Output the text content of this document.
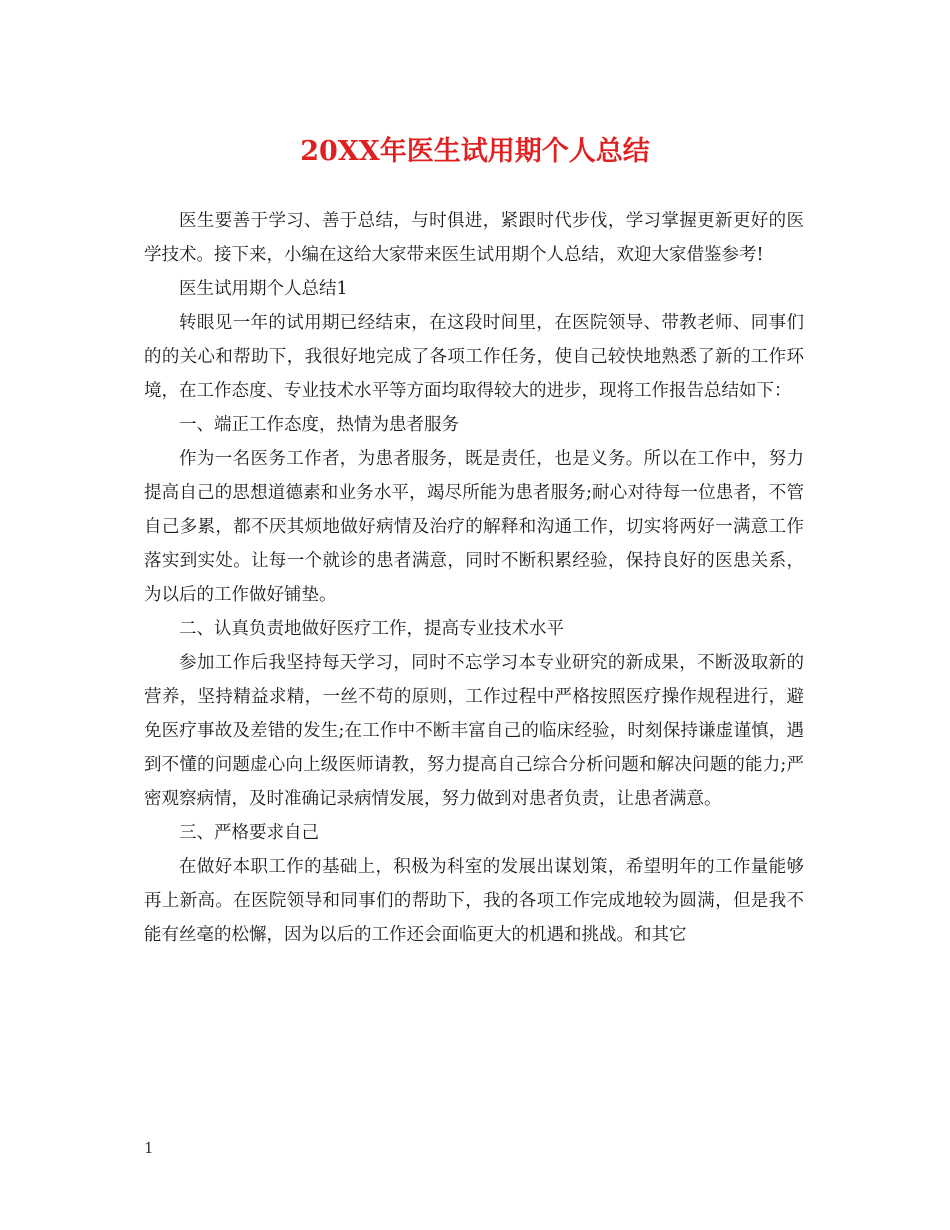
20XX年医生试用期个人总结

医生要善于学习、善于总结，与时俱进，紧跟时代步伐，学习掌握更新更好的医学技术。接下来，小编在这给大家带来医生试用期个人总结，欢迎大家借鉴参考!

医生试用期个人总结1

转眼见一年的试用期已经结束，在这段时间里，在医院领导、带教老师、同事们的的关心和帮助下，我很好地完成了各项工作任务，使自己较快地熟悉了新的工作环境，在工作态度、专业技术水平等方面均取得较大的进步，现将工作报告总结如下：

一、端正工作态度，热情为患者服务

作为一名医务工作者，为患者服务，既是责任，也是义务。所以在工作中，努力提高自己的思想道德素和业务水平，竭尽所能为患者服务;耐心对待每一位患者，不管自己多累，都不厌其烦地做好病情及治疗的解释和沟通工作，切实将两好一满意工作落实到实处。让每一个就诊的患者满意，同时不断积累经验，保持良好的医患关系，为以后的工作做好铺垫。

二、认真负责地做好医疗工作，提高专业技术水平

参加工作后我坚持每天学习，同时不忘学习本专业研究的新成果，不断汲取新的营养，坚持精益求精，一丝不苟的原则，工作过程中严格按照医疗操作规程进行，避免医疗事故及差错的发生;在工作中不断丰富自己的临床经验，时刻保持谦虚谨慎，遇到不懂的问题虚心向上级医师请教，努力提高自己综合分析问题和解决问题的能力;严密观察病情，及时准确记录病情发展，努力做到对患者负责，让患者满意。

三、严格要求自己

在做好本职工作的基础上，积极为科室的发展出谋划策，希望明年的工作量能够再上新高。在医院领导和同事们的帮助下，我的各项工作完成地较为圆满，但是我不能有丝毫的松懈，因为以后的工作还会面临更大的机遇和挑战。和其它

1
